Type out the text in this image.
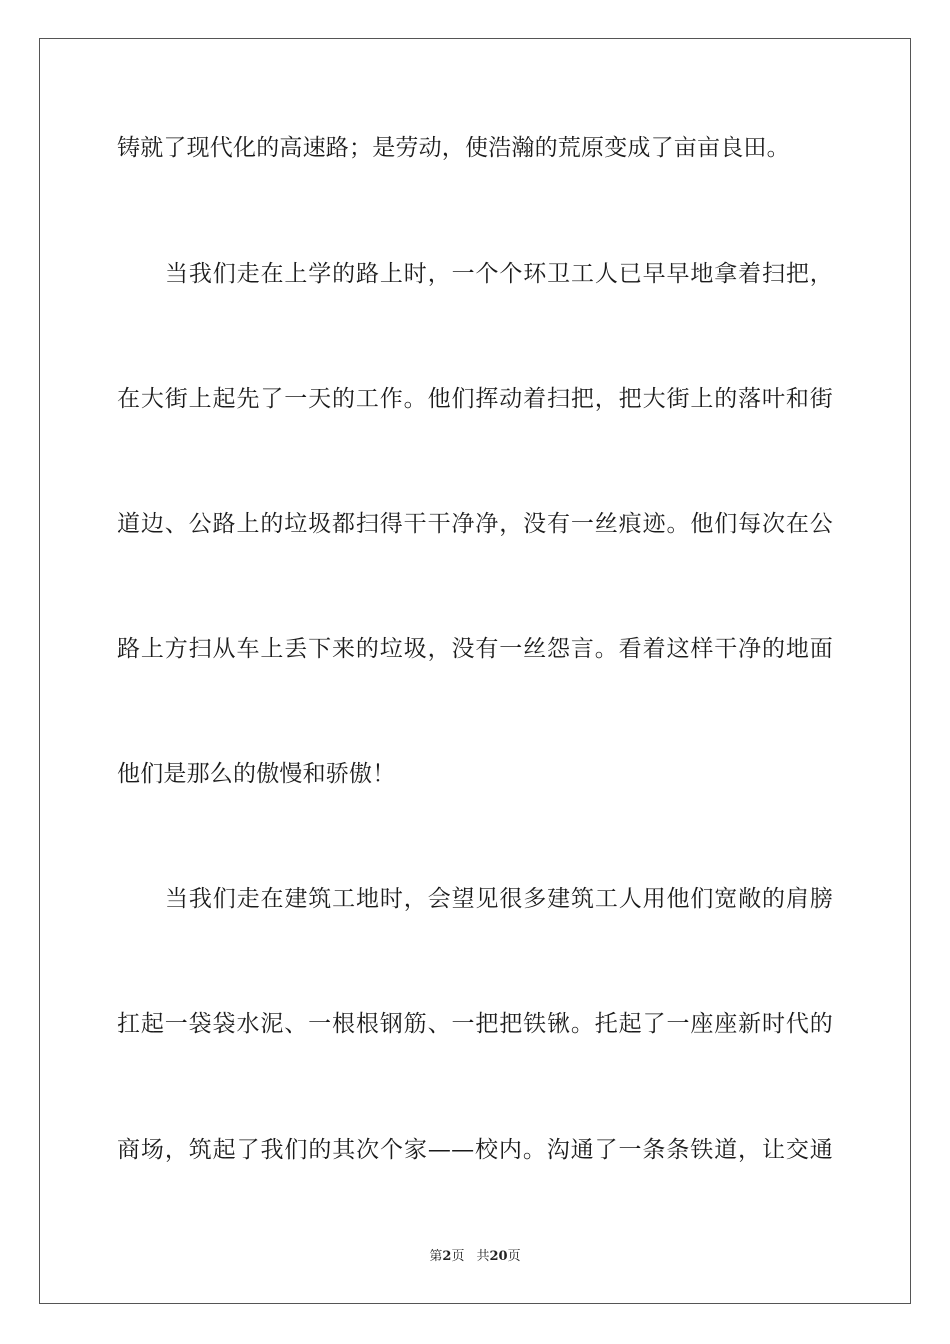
铸就了现代化的高速路；是劳动，使浩瀚的荒原变成了亩亩良田。
当我们走在上学的路上时，一个个环卫工人已早早地拿着扫把，
在大街上起先了一天的工作。他们挥动着扫把，把大街上的落叶和街
道边、公路上的垃圾都扫得干干净净，没有一丝痕迹。他们每次在公
路上方扫从车上丢下来的垃圾，没有一丝怨言。看着这样干净的地面
他们是那么的傲慢和骄傲！
当我们走在建筑工地时，会望见很多建筑工人用他们宽敞的肩膀
扛起一袋袋水泥、一根根钢筋、一把把铁锹。托起了一座座新时代的
商场，筑起了我们的其次个家——校内。沟通了一条条铁道，让交通
第2页 共20页
